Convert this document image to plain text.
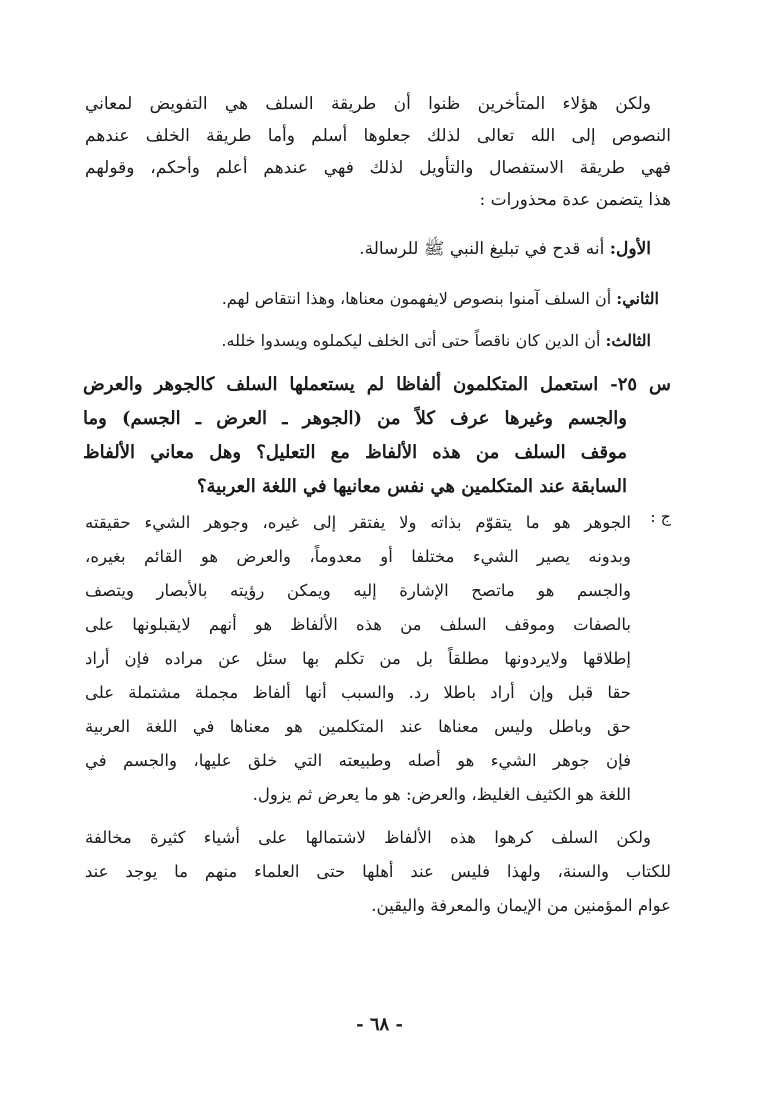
ولكن هؤلاء المتأخرين ظنوا أن طريقة السلف هي التفويض لمعاني
النصوص إلى الله تعالى لذلك جعلوها أسلم وأما طريقة الخلف عندهم
فهي طريقة الاستفصال والتأويل لذلك فهي عندهم أعلم وأحكم، وقولهم
هذا يتضمن عدة محذورات :
الأول: أنه قدح في تبليغ النبي ﷺ للرسالة.
الثاني: أن السلف آمنوا بنصوص لايفهمون معناها، وهذا انتقاص لهم.
الثالث: أن الدين كان ناقصاً حتى أتى الخلف ليكملوه ويسدوا خلله.
س ٢٥- استعمل المتكلمون ألفاظا لم يستعملها السلف كالجوهر والعرض
والجسم وغيرها عرف كلاً من (الجوهر ـ العرض ـ الجسم) وما
موقف السلف من هذه الألفاظ مع التعليل؟ وهل معاني الألفاظ
السابقة عند المتكلمين هي نفس معانيها في اللغة العربية؟
ج :
الجوهر هو ما يتقوّم بذاته ولا يفتقر إلى غيره، وجوهر الشيء حقيقته
وبدونه يصير الشيء مختلفا أو معدوماً، والعرض هو القائم بغيره،
والجسم هو ماتصح الإشارة إليه ويمكن رؤيته بالأبصار ويتصف
بالصفات وموقف السلف من هذه الألفاظ هو أنهم لايقبلونها على
إطلاقها ولايردونها مطلقاً بل من تكلم بها سئل عن مراده فإن أراد
حقا قبل وإن أراد باطلا رد. والسبب أنها ألفاظ مجملة مشتملة على
حق وباطل وليس معناها عند المتكلمين هو معناها في اللغة العربية
فإن جوهر الشيء هو أصله وطبيعته التي خلق عليها، والجسم في
اللغة هو الكثيف الغليظ، والعرض: هو ما يعرض ثم يزول.
ولكن السلف كرهوا هذه الألفاظ لاشتمالها على أشياء كثيرة مخالفة
للكتاب والسنة، ولهذا فليس عند أهلها حتى العلماء منهم ما يوجد عند
عوام المؤمنين من الإيمان والمعرفة واليقين.
- ٦٨ -
